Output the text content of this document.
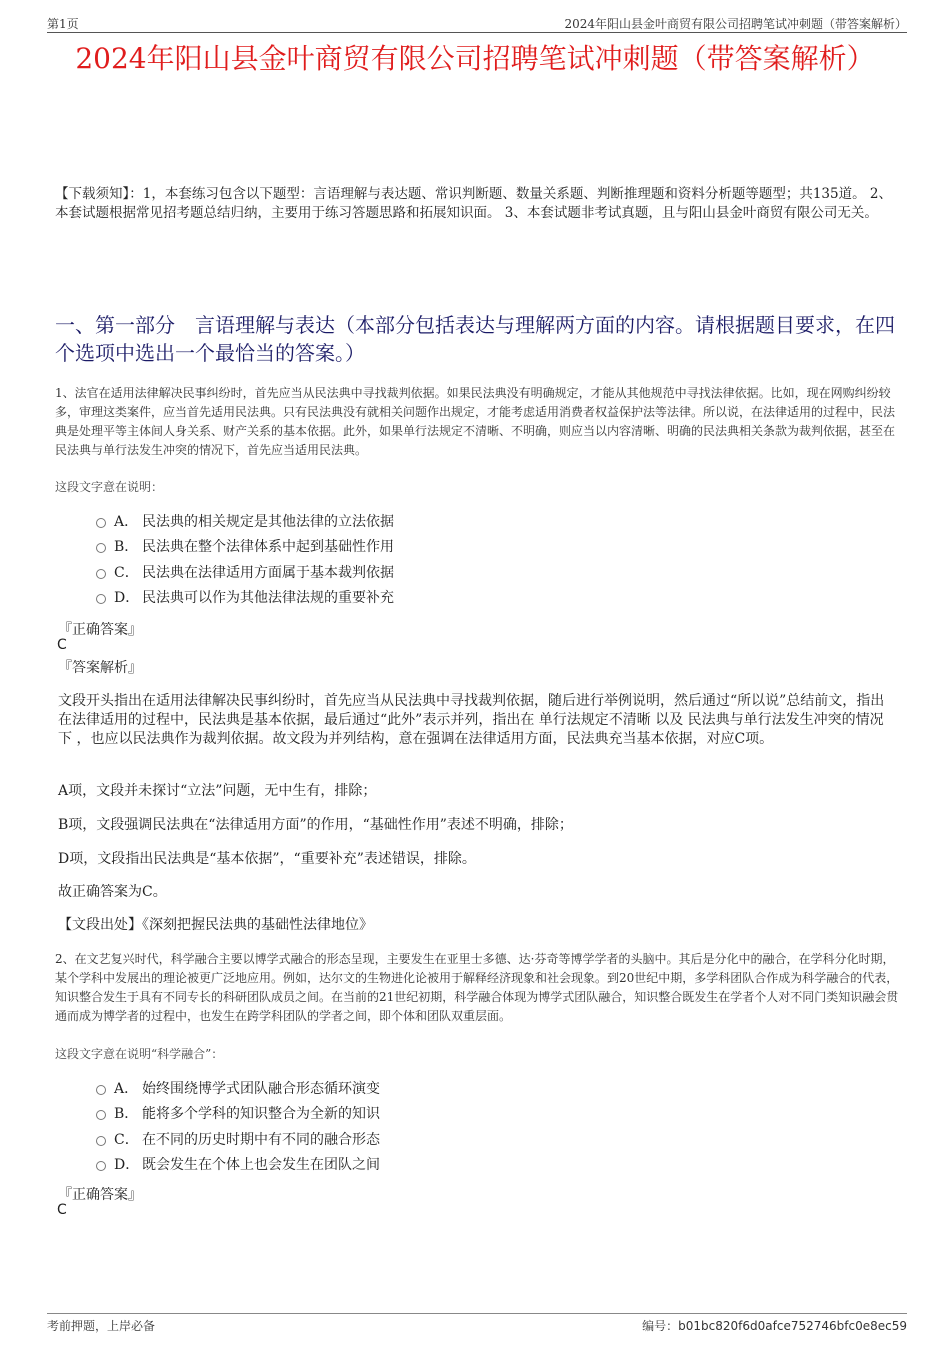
第1页	2024年阳山县金叶商贸有限公司招聘笔试冲刺题（带答案解析）
2024年阳山县金叶商贸有限公司招聘笔试冲刺题（带答案解析）
【下载须知】：1，本套练习包含以下题型：言语理解与表达题、常识判断题、数量关系题、判断推理题和资料分析题等题型；共135道。 2、本套试题根据常见招考题总结归纳，主要用于练习答题思路和拓展知识面。 3、本套试题非考试真题，且与阳山县金叶商贸有限公司无关。
一、第一部分　言语理解与表达（本部分包括表达与理解两方面的内容。请根据题目要求，在四个选项中选出一个最恰当的答案。）
1、法官在适用法律解决民事纠纷时，首先应当从民法典中寻找裁判依据。如果民法典没有明确规定，才能从其他规范中寻找法律依据。比如，现在网购纠纷较多，审理这类案件，应当首先适用民法典。只有民法典没有就相关问题作出规定，才能考虑适用消费者权益保护法等法律。所以说，在法律适用的过程中，民法典是处理平等主体间人身关系、财产关系的基本依据。此外，如果单行法规定不清晰、不明确，则应当以内容清晰、明确的民法典相关条款为裁判依据，甚至在民法典与单行法发生冲突的情况下，首先应当适用民法典。
这段文字意在说明：
A． 民法典的相关规定是其他法律的立法依据
B． 民法典在整个法律体系中起到基础性作用
C． 民法典在法律适用方面属于基本裁判依据
D． 民法典可以作为其他法律法规的重要补充
『正确答案』
C
『答案解析』
文段开头指出在适用法律解决民事纠纷时，首先应当从民法典中寻找裁判依据，随后进行举例说明，然后通过“所以说”总结前文，指出在法律适用的过程中，民法典是基本依据，最后通过“此外”表示并列，指出在 单行法规定不清晰 以及 民法典与单行法发生冲突的情况下 ，也应以民法典作为裁判依据。故文段为并列结构，意在强调在法律适用方面，民法典充当基本依据，对应C项。
A项，文段并未探讨“立法”问题，无中生有，排除；
B项，文段强调民法典在“法律适用方面”的作用，“基础性作用”表述不明确，排除；
D项，文段指出民法典是“基本依据”，“重要补充”表述错误，排除。
故正确答案为C。
【文段出处】《深刻把握民法典的基础性法律地位》
2、在文艺复兴时代，科学融合主要以博学式融合的形态呈现，主要发生在亚里士多德、达·芬奇等博学学者的头脑中。其后是分化中的融合，在学科分化时期，某个学科中发展出的理论被更广泛地应用。例如，达尔文的生物进化论被用于解释经济现象和社会现象。到20世纪中期，多学科团队合作成为科学融合的代表，知识整合发生于具有不同专长的科研团队成员之间。在当前的21世纪初期，科学融合体现为博学式团队融合，知识整合既发生在学者个人对不同门类知识融会贯通而成为博学者的过程中，也发生在跨学科团队的学者之间，即个体和团队双重层面。
这段文字意在说明“科学融合”：
A． 始终围绕博学式团队融合形态循环演变
B． 能将多个学科的知识整合为全新的知识
C． 在不同的历史时期中有不同的融合形态
D． 既会发生在个体上也会发生在团队之间
『正确答案』
C
考前押题，上岸必备	编号：b01bc820f6d0afce752746bfc0e8ec59
